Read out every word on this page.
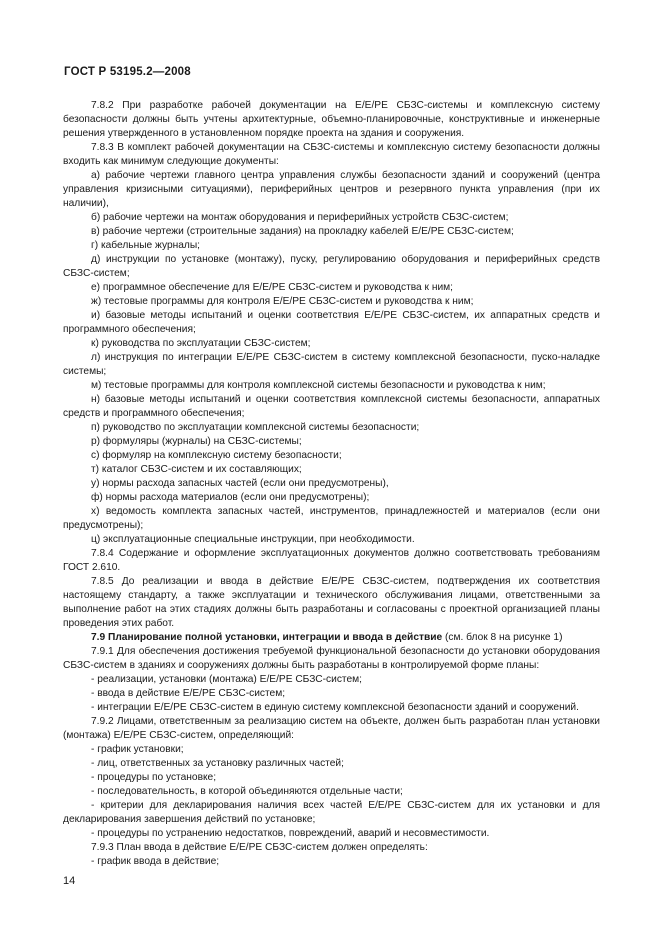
ГОСТ Р 53195.2—2008

7.8.2 При разработке рабочей документации на Е/Е/РЕ СБЗС-системы и комплексную систему безопасности должны быть учтены архитектурные, объемно-планировочные, конструктивные и инженерные решения утвержденного в установленном порядке проекта на здания и сооружения.

7.8.3 В комплект рабочей документации на СБЗС-системы и комплексную систему безопасности должны входить как минимум следующие документы:

а) рабочие чертежи главного центра управления службы безопасности зданий и сооружений (центра управления кризисными ситуациями), периферийных центров и резервного пункта управления (при их наличии),

б) рабочие чертежи на монтаж оборудования и периферийных устройств СБЗС-систем;

в) рабочие чертежи (строительные задания) на прокладку кабелей Е/Е/РЕ СБЗС-систем;

г) кабельные журналы;

д) инструкции по установке (монтажу), пуску, регулированию оборудования и периферийных средств СБЗС-систем;

е) программное обеспечение для Е/Е/РЕ СБЗС-систем и руководства к ним;

ж) тестовые программы для контроля Е/Е/РЕ СБЗС-систем и руководства к ним;

и) базовые методы испытаний и оценки соответствия Е/Е/РЕ СБЗС-систем, их аппаратных средств и программного обеспечения;

к) руководства по эксплуатации СБЗС-систем;

л) инструкция по интеграции Е/Е/РЕ СБЗС-систем в систему комплексной безопасности, пуско-наладке системы;

м) тестовые программы для контроля комплексной системы безопасности и руководства к ним;

н) базовые методы испытаний и оценки соответствия комплексной системы безопасности, аппаратных средств и программного обеспечения;

п) руководство по эксплуатации комплексной системы безопасности;

р) формуляры (журналы) на СБЗС-системы;

с) формуляр на комплексную систему безопасности;

т) каталог СБЗС-систем и их составляющих;

у) нормы расхода запасных частей (если они предусмотрены),

ф) нормы расхода материалов (если они предусмотрены);

х) ведомость комплекта запасных частей, инструментов, принадлежностей и материалов (если они предусмотрены);

ц) эксплуатационные специальные инструкции, при необходимости.

7.8.4 Содержание и оформление эксплуатационных документов должно соответствовать требованиям ГОСТ 2.610.

7.8.5 До реализации и ввода в действие Е/Е/РЕ СБЗС-систем, подтверждения их соответствия настоящему стандарту, а также эксплуатации и технического обслуживания лицами, ответственными за выполнение работ на этих стадиях должны быть разработаны и согласованы с проектной организацией планы проведения этих работ.

7.9 Планирование полной установки, интеграции и ввода в действие (см. блок 8 на рисунке 1)

7.9.1 Для обеспечения достижения требуемой функциональной безопасности до установки оборудования СБЗС-систем в зданиях и сооружениях должны быть разработаны в контролируемой форме планы:

- реализации, установки (монтажа) Е/Е/РЕ СБЗС-систем;

- ввода в действие Е/Е/РЕ СБЗС-систем;

- интеграции Е/Е/РЕ СБЗС-систем в единую систему комплексной безопасности зданий и сооружений.

7.9.2 Лицами, ответственным за реализацию систем на объекте, должен быть разработан план установки (монтажа) Е/Е/РЕ СБЗС-систем, определяющий:

- график установки;

- лиц, ответственных за установку различных частей;

- процедуры по установке;

- последовательность, в которой объединяются отдельные части;

- критерии для декларирования наличия всех частей Е/Е/РЕ СБЗС-систем для их установки и для декларирования завершения действий по установке;

- процедуры по устранению недостатков, повреждений, аварий и несовместимости.

7.9.3 План ввода в действие Е/Е/РЕ СБЗС-систем должен определять:

- график ввода в действие;

14
